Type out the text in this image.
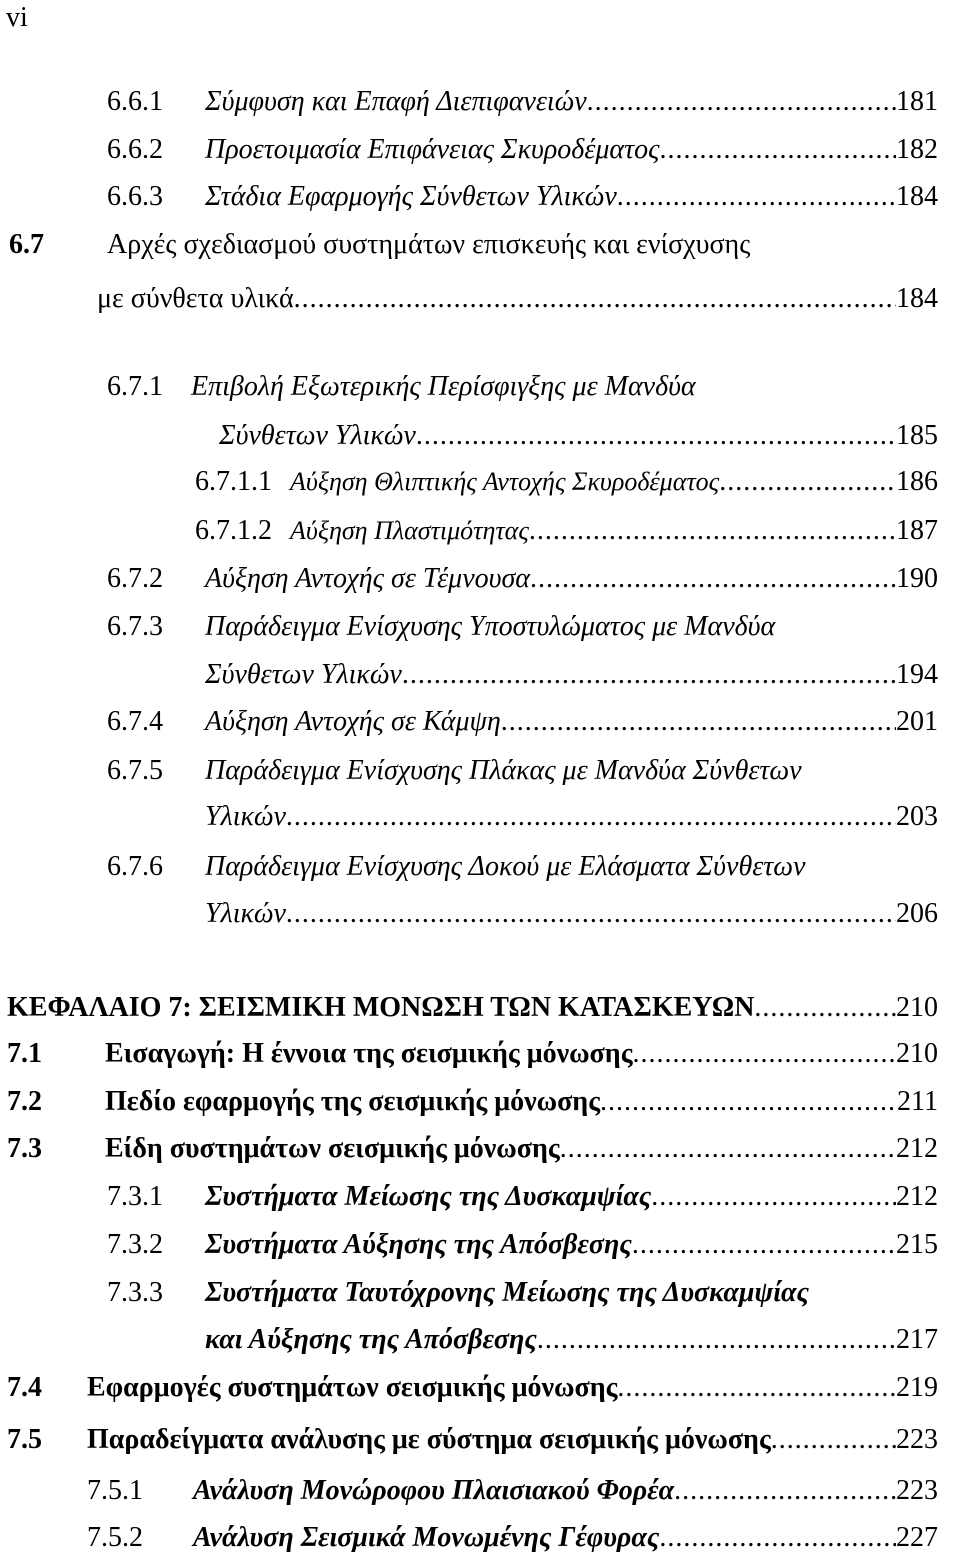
vi
6.6.1	Σύμφυση και Επαφή Διεπιφανειών .....	181
6.6.2	Προετοιμασία Επιφάνειας Σκυροδέματος .....	182
6.6.3	Στάδια Εφαρμογής Σύνθετων Υλικών .....	184
6.7	Αρχές σχεδιασμού συστημάτων επισκευής και ενίσχυσης
με σύνθετα υλικά .....	184
6.7.1	Επιβολή Εξωτερικής Περίσφιγξης με Μανδύα
Σύνθετων Υλικών .....	185
6.7.1.1 Αύξηση Θλιπτικής Αντοχής Σκυροδέματος .....	186
6.7.1.2 Αύξηση Πλαστιμότητας .....	187
6.7.2	Αύξηση Αντοχής σε Τέμνουσα .....	190
6.7.3	Παράδειγμα Ενίσχυσης Υποστυλώματος με Μανδύα
Σύνθετων Υλικών .....	194
6.7.4	Αύξηση Αντοχής σε Κάμψη .....	201
6.7.5	Παράδειγμα Ενίσχυσης Πλάκας με Μανδύα Σύνθετων
Υλικών .....	203
6.7.6	Παράδειγμα Ενίσχυσης Δοκού με Ελάσματα Σύνθετων
Υλικών .....	206
ΚΕΦΑΛΑΙΟ 7: ΣΕΙΣΜΙΚΗ ΜΟΝΩΣΗ ΤΩΝ ΚΑΤΑΣΚΕΥΩΝ .....	210
7.1	Εισαγωγή: Η έννοια της σεισμικής μόνωσης .....	210
7.2	Πεδίο εφαρμογής της σεισμικής μόνωσης .....	211
7.3	Είδη συστημάτων σεισμικής μόνωσης .....	212
7.3.1	Συστήματα Μείωσης της Δυσκαμψίας .....	212
7.3.2	Συστήματα Αύξησης της Απόσβεσης .....	215
7.3.3	Συστήματα Ταυτόχρονης Μείωσης της Δυσκαμψίας
και Αύξησης της Απόσβεσης .....	217
7.4	Εφαρμογές συστημάτων σεισμικής μόνωσης .....	219
7.5	Παραδείγματα ανάλυσης με σύστημα σεισμικής μόνωσης .....	223
7.5.1	Ανάλυση Μονώροφου Πλαισιακού Φορέα .....	223
7.5.2	Ανάλυση Σεισμικά Μονωμένης Γέφυρας .....	227
